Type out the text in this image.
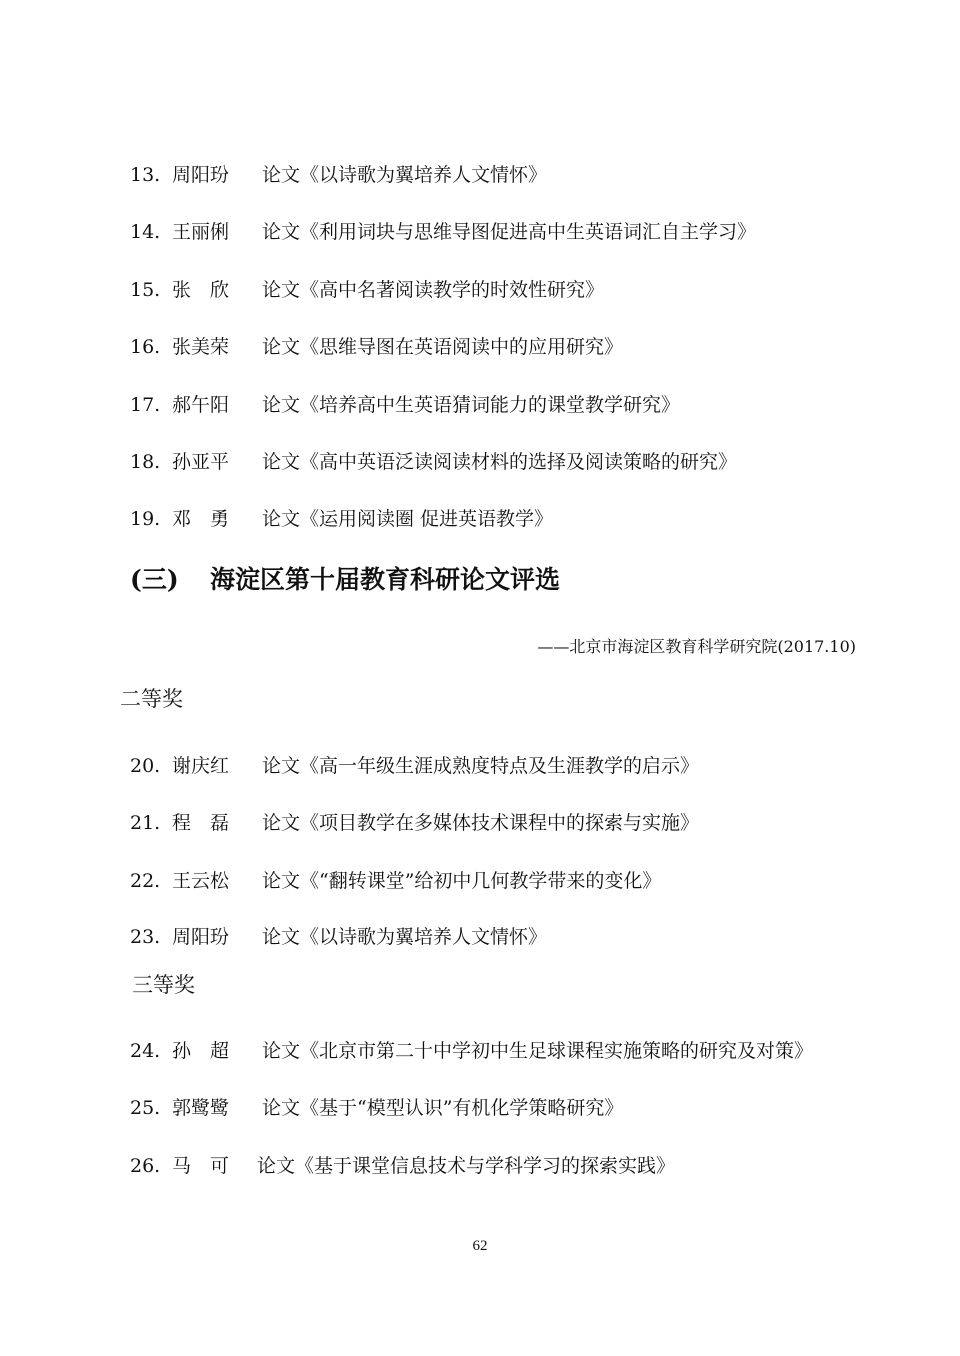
13. 周阳玢 论文《以诗歌为翼培养人文情怀》
14. 王丽俐 论文《利用词块与思维导图促进高中生英语词汇自主学习》
15. 张　欣 论文《高中名著阅读教学的时效性研究》
16. 张美荣 论文《思维导图在英语阅读中的应用研究》
17. 郝午阳 论文《培养高中生英语猜词能力的课堂教学研究》
18. 孙亚平 论文《高中英语泛读阅读材料的选择及阅读策略的研究》
19. 邓　勇 论文《运用阅读圈 促进英语教学》
(三) 海淀区第十届教育科研论文评选
——北京市海淀区教育科学研究院(2017.10)
二等奖
20. 谢庆红 论文《高一年级生涯成熟度特点及生涯教学的启示》
21. 程　磊 论文《项目教学在多媒体技术课程中的探索与实施》
22. 王云松 论文《“翻转课堂”给初中几何教学带来的变化》
23. 周阳玢 论文《以诗歌为翼培养人文情怀》
三等奖
24. 孙　超 论文《北京市第二十中学初中生足球课程实施策略的研究及对策》
25. 郭鹭鹭 论文《基于“模型认识”有机化学策略研究》
26. 马　可 论文《基于课堂信息技术与学科学习的探索实践》
62
